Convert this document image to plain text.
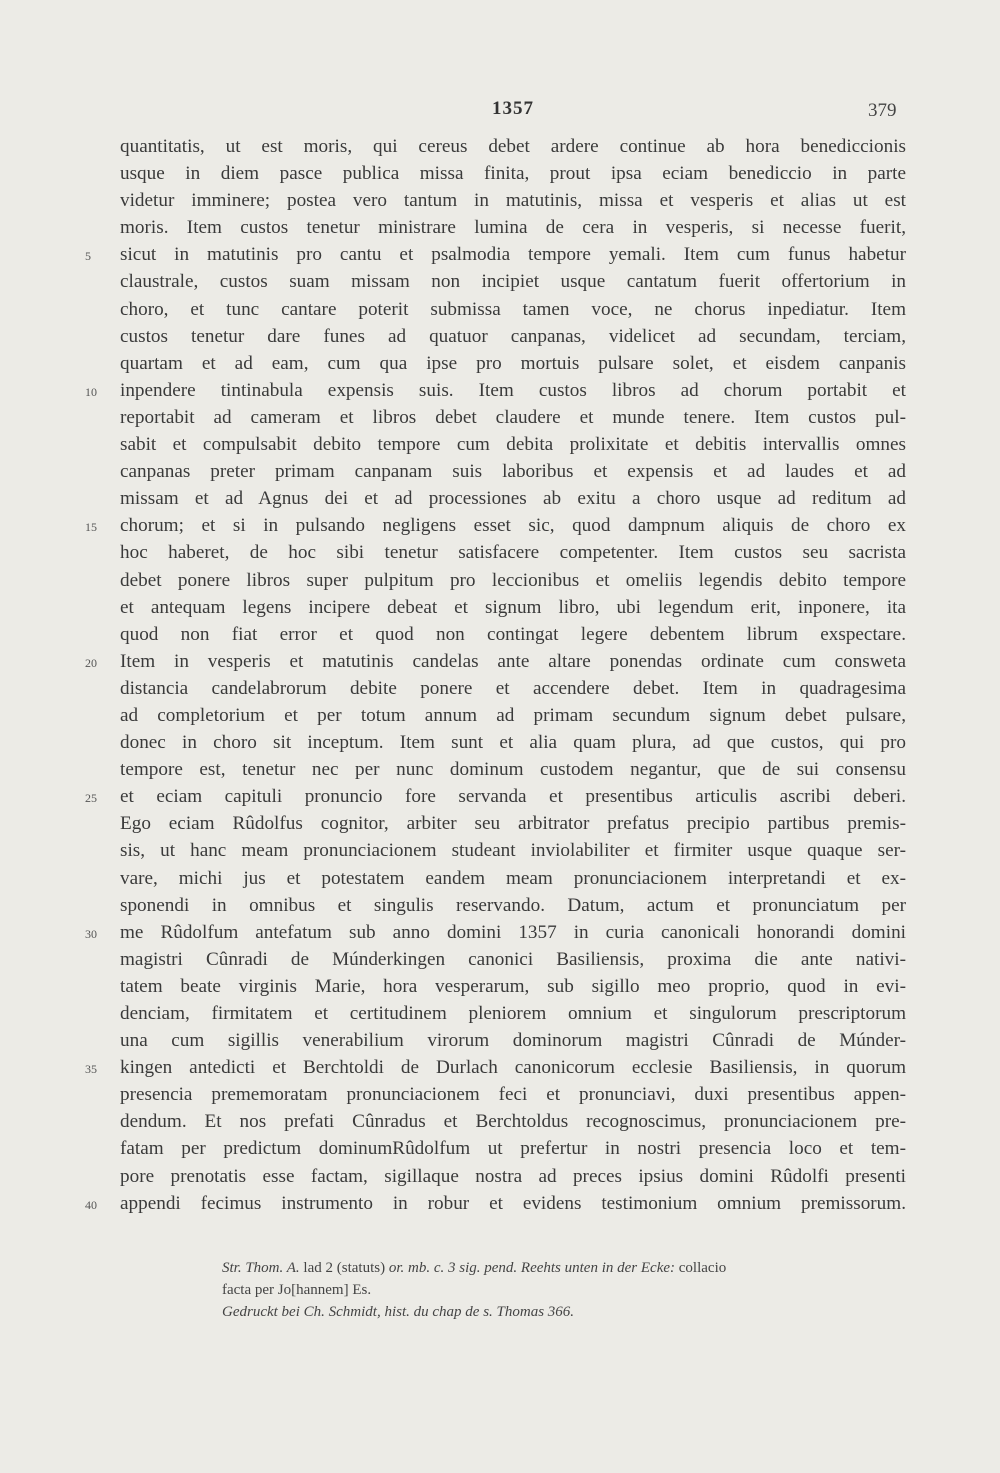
1357	379
quantitatis, ut est moris, qui cereus debet ardere continue ab hora benediccionis
usque in diem pasce publica missa finita, prout ipsa eciam benediccio in parte
videtur imminere; postea vero tantum in matutinis, missa et vesperis et alias ut est
moris. Item custos tenetur ministrare lumina de cera in vesperis, si necesse fuerit,
5	sicut in matutinis pro cantu et psalmodia tempore yemali. Item cum funus habetur
claustrale, custos suam missam non incipiet usque cantatum fuerit offertorium in
choro, et tunc cantare poterit submissa tamen voce, ne chorus inpediatur. Item
custos tenetur dare funes ad quatuor canpanas, videlicet ad secundam, terciam,
quartam et ad eam, cum qua ipse pro mortuis pulsare solet, et eisdem canpanis
10	inpendere tintinabula expensis suis. Item custos libros ad chorum portabit et
reportabit ad cameram et libros debet claudere et munde tenere. Item custos pul-
sabit et compulsabit debito tempore cum debita prolixitate et debitis intervallis omnes
canpanas preter primam canpanam suis laboribus et expensis et ad laudes et ad
missam et ad Agnus dei et ad processiones ab exitu a choro usque ad reditum ad
15	chorum; et si in pulsando negligens esset sic, quod dampnum aliquis de choro ex
hoc haberet, de hoc sibi tenetur satisfacere competenter. Item custos seu sacrista
debet ponere libros super pulpitum pro leccionibus et omeliis legendis debito tempore
et antequam legens incipere debeat et signum libro, ubi legendum erit, inponere, ita
quod non fiat error et quod non contingat legere debentem librum exspectare.
20	Item in vesperis et matutinis candelas ante altare ponendas ordinate cum consweta
distancia candelabrorum debite ponere et accendere debet. Item in quadragesima
ad completorium et per totum annum ad primam secundum signum debet pulsare,
donec in choro sit inceptum. Item sunt et alia quam plura, ad que custos, qui pro
tempore est, tenetur nec per nunc dominum custodem negantur, que de sui consensu
25	et eciam capituli pronuncio fore servanda et presentibus articulis ascribi deberi.
Ego eciam Rûdolfus cognitor, arbiter seu arbitrator prefatus precipio partibus premis-
sis, ut hanc meam pronunciacionem studeant inviolabiliter et firmiter usque quaque ser-
vare, michi jus et potestatem eandem meam pronunciacionem interpretandi et ex-
sponendi in omnibus et singulis reservando. Datum, actum et pronunciatum per
30	me Rûdolfum antefatum sub anno domini 1357 in curia canonicali honorandi domini
magistri Cûnradi de Múnderkingen canonici Basiliensis, proxima die ante nativi-
tatem beate virginis Marie, hora vesperarum, sub sigillo meo proprio, quod in evi-
denciam, firmitatem et certitudinem pleniorem omnium et singulorum prescriptorum
una cum sigillis venerabilium virorum dominorum magistri Cûnradi de Múnder-
35	kingen antedicti et Berchtoldi de Durlach canonicorum ecclesie Basiliensis, in quorum
presencia prememoratam pronunciacionem feci et pronunciavi, duxi presentibus appen-
dendum. Et nos prefati Cûnradus et Berchtoldus recognoscimus, pronunciacionem pre-
fatam per predictum dominumRûdolfum ut prefertur in nostri presencia loco et tem-
pore prenotatis esse factam, sigillaque nostra ad preces ipsius domini Rûdolfi presenti
40	appendi fecimus instrumento in robur et evidens testimonium omnium premissorum.
Str. Thom. A. lad 2 (statuts) or. mb. c. 3 sig. pend. Reehts unten in der Ecke: collacio
facta per Jo[hannem] Es.
Gedruckt bei Ch. Schmidt, hist. du chap de s. Thomas 366.
